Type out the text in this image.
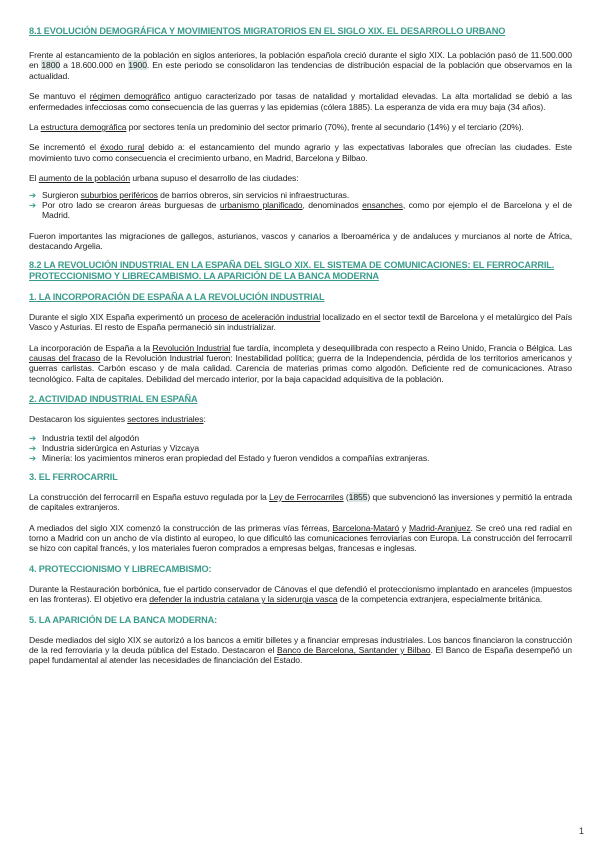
8.1 EVOLUCIÓN DEMOGRÁFICA Y MOVIMIENTOS MIGRATORIOS EN EL SIGLO XIX. EL DESARROLLO URBANO

Frente al estancamiento de la población en siglos anteriores, la población española creció durante el siglo XIX. La población pasó de 11.500.000 en 1800 a 18.600.000 en 1900. En este periodo se consolidaron las tendencias de distribución espacial de la población que observamos en la actualidad.

Se mantuvo el régimen demográfico antiguo caracterizado por tasas de natalidad y mortalidad elevadas. La alta mortalidad se debió a las enfermedades infecciosas como consecuencia de las guerras y las epidemias (cólera 1885). La esperanza de vida era muy baja (34 años).

La estructura demográfica por sectores tenía un predominio del sector primario (70%), frente al secundario (14%) y el terciario (20%).

Se incrementó el éxodo rural debido a: el estancamiento del mundo agrario y las expectativas laborales que ofrecían las ciudades. Este movimiento tuvo como consecuencia el crecimiento urbano, en Madrid, Barcelona y Bilbao.

El aumento de la población urbana supuso el desarrollo de las ciudades:

➔ Surgieron suburbios periféricos de barrios obreros, sin servicios ni infraestructuras.
➔ Por otro lado se crearon áreas burguesas de urbanismo planificado, denominados ensanches, como por ejemplo el de Barcelona y el de Madrid.

Fueron importantes las migraciones de gallegos, asturianos, vascos y canarios a Iberoamérica y de andaluces y murcianos al norte de África, destacando Argelia.

8.2 LA REVOLUCIÓN INDUSTRIAL EN LA ESPAÑA DEL SIGLO XIX. EL SISTEMA DE COMUNICACIONES: EL FERROCARRIL. PROTECCIONISMO Y LIBRECAMBISMO. LA APARICIÓN DE LA BANCA MODERNA
1. LA INCORPORACIÓN DE ESPAÑA A LA REVOLUCIÓN INDUSTRIAL

Durante el siglo XIX España experimentó un proceso de aceleración industrial localizado en el sector textil de Barcelona y el metalúrgico del País Vasco y Asturias. El resto de España permaneció sin industrializar.

La incorporación de España a la Revolución Industrial fue tardía, incompleta y desequilibrada con respecto a Reino Unido, Francia o Bélgica. Las causas del fracaso de la Revolución Industrial fueron: Inestabilidad política; guerra de la Independencia, pérdida de los territorios americanos y guerras carlistas. Carbón escaso y de mala calidad. Carencia de materias primas como algodón. Deficiente red de comunicaciones. Atraso tecnológico. Falta de capitales. Debilidad del mercado interior, por la baja capacidad adquisitiva de la población.

2. ACTIVIDAD INDUSTRIAL EN ESPAÑA

Destacaron los siguientes sectores industriales:

➔ Industria textil del algodón
➔ Industria siderúrgica en Asturias y Vizcaya
➔ Minería: los yacimientos mineros eran propiedad del Estado y fueron vendidos a compañías extranjeras.
3. EL FERROCARRIL

La construcción del ferrocarril en España estuvo regulada por la Ley de Ferrocarriles (1855) que subvencionó las inversiones y permitió la entrada de capitales extranjeros.

A mediados del siglo XIX comenzó la construcción de las primeras vías férreas, Barcelona-Mataró y Madrid-Aranjuez. Se creó una red radial en torno a Madrid con un ancho de vía distinto al europeo, lo que dificultó las comunicaciones ferroviarias con Europa. La construcción del ferrocarril se hizo con capital francés, y los materiales fueron comprados a empresas belgas, francesas e inglesas.

4. PROTECCIONISMO Y LIBRECAMBISMO:

Durante la Restauración borbónica, fue el partido conservador de Cánovas el que defendió el proteccionismo implantado en aranceles (impuestos en las fronteras). El objetivo era defender la industria catalana y la siderurgia vasca de la competencia extranjera, especialmente británica.

5. LA APARICIÓN DE LA BANCA MODERNA:

Desde mediados del siglo XIX se autorizó a los bancos a emitir billetes y a financiar empresas industriales. Los bancos financiaron la construcción de la red ferroviaria y la deuda pública del Estado. Destacaron el Banco de Barcelona, Santander y Bilbao. El Banco de España desempeñó un papel fundamental al atender las necesidades de financiación del Estado.

1
